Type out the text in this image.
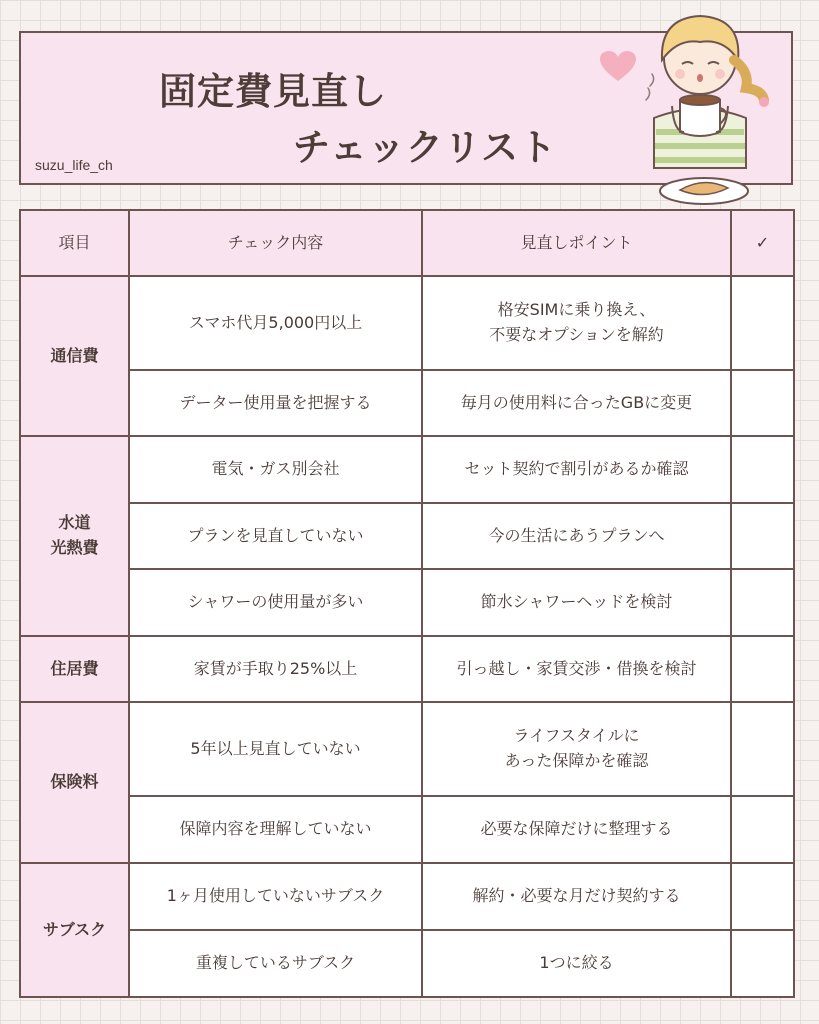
固定費見直し
チェックリスト
suzu_life_ch
項目	チェック内容	見直しポイント	✓
通信費	スマホ代月5,000円以上	格安SIMに乗り換え、
不要なオプションを解約	
	データー使用量を把握する	毎月の使用料に合ったGBに変更	
水道
光熱費	電気・ガス別会社	セット契約で割引があるか確認	
	プランを見直していない	今の生活にあうプランへ	
	シャワーの使用量が多い	節水シャワーヘッドを検討	
住居費	家賃が手取り25%以上	引っ越し・家賃交渉・借換を検討	
保険料	5年以上見直していない	ライフスタイルに
あった保障かを確認	
	保障内容を理解していない	必要な保障だけに整理する	
サブスク	1ヶ月使用していないサブスク	解約・必要な月だけ契約する	
	重複しているサブスク	1つに絞る	
